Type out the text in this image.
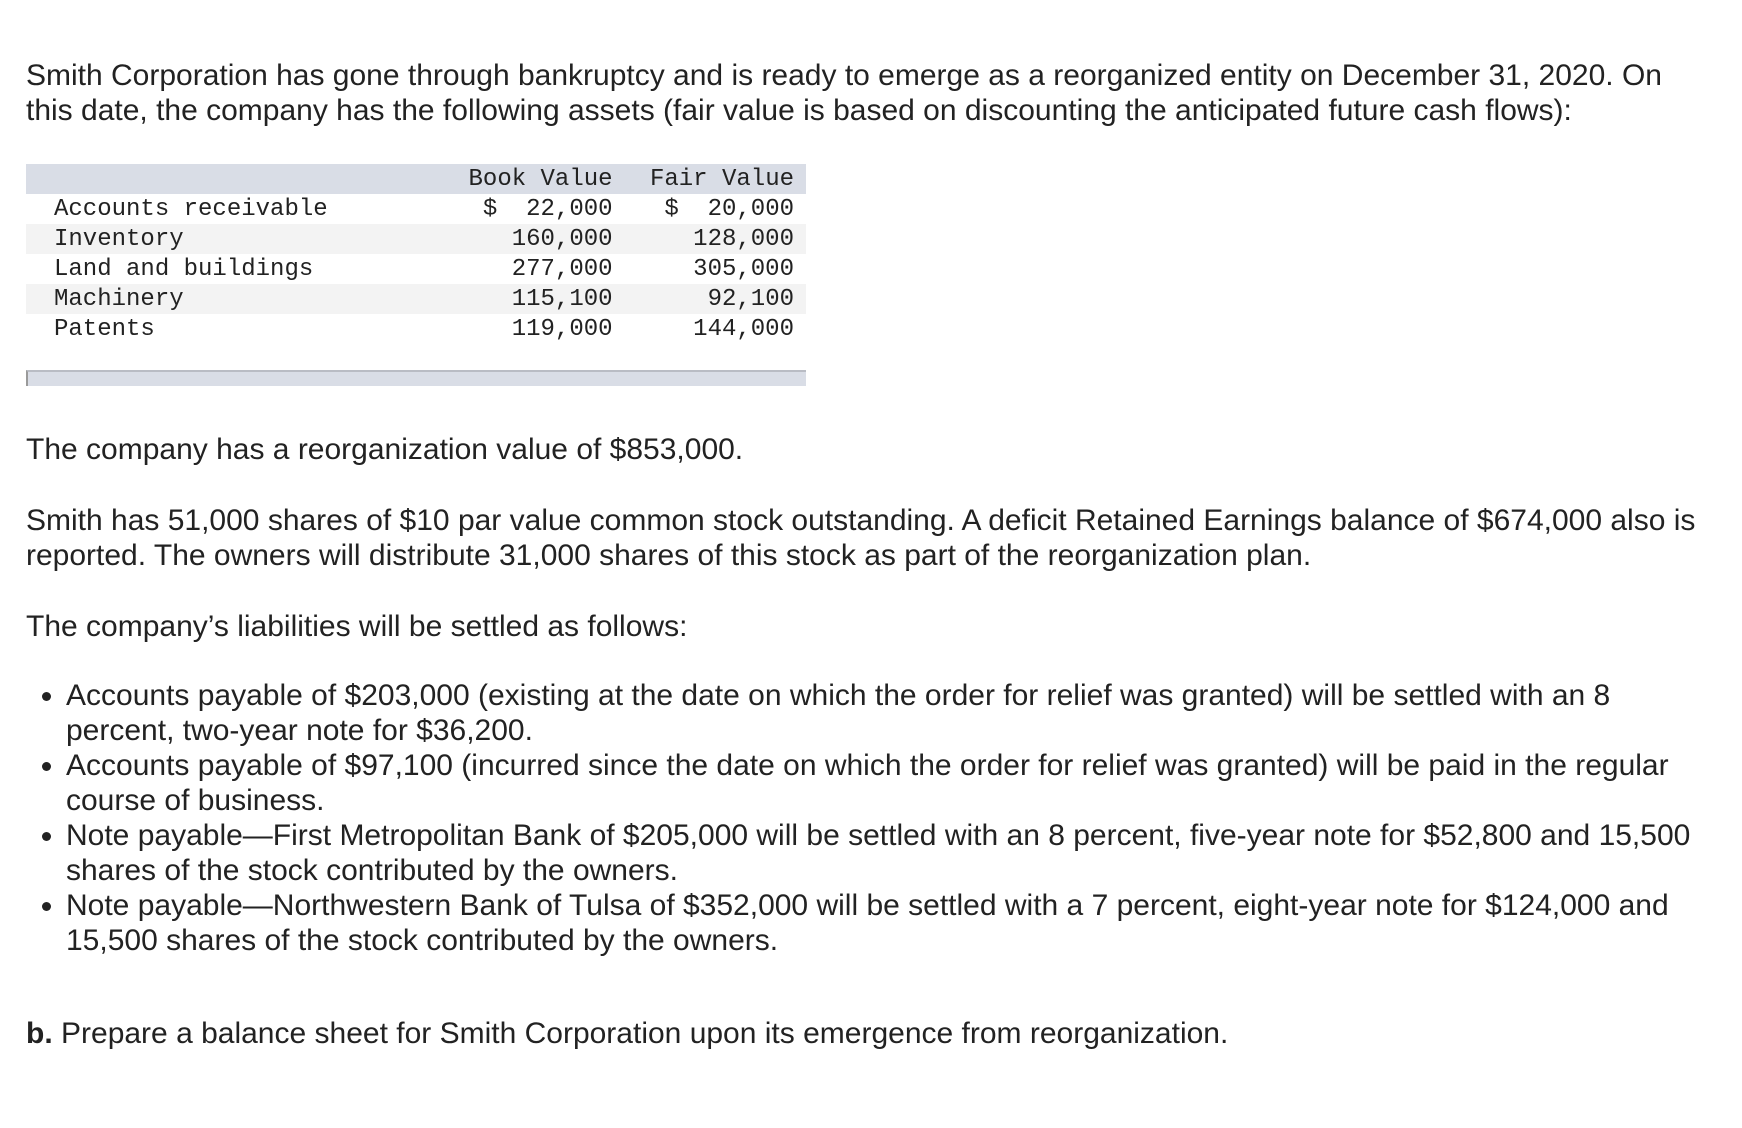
Smith Corporation has gone through bankruptcy and is ready to emerge as a reorganized entity on December 31, 2020. On this date, the company has the following assets (fair value is based on discounting the anticipated future cash flows):

	Book Value	Fair Value
Accounts receivable	$  22,000	$  20,000
Inventory	160,000	128,000
Land and buildings	277,000	305,000
Machinery	115,100	92,100
Patents	119,000	144,000

The company has a reorganization value of $853,000.

Smith has 51,000 shares of $10 par value common stock outstanding. A deficit Retained Earnings balance of $674,000 also is reported. The owners will distribute 31,000 shares of this stock as part of the reorganization plan.

The company’s liabilities will be settled as follows:

• Accounts payable of $203,000 (existing at the date on which the order for relief was granted) will be settled with an 8 percent, two-year note for $36,200.
• Accounts payable of $97,100 (incurred since the date on which the order for relief was granted) will be paid in the regular course of business.
• Note payable—First Metropolitan Bank of $205,000 will be settled with an 8 percent, five-year note for $52,800 and 15,500 shares of the stock contributed by the owners.
• Note payable—Northwestern Bank of Tulsa of $352,000 will be settled with a 7 percent, eight-year note for $124,000 and 15,500 shares of the stock contributed by the owners.

b. Prepare a balance sheet for Smith Corporation upon its emergence from reorganization.
